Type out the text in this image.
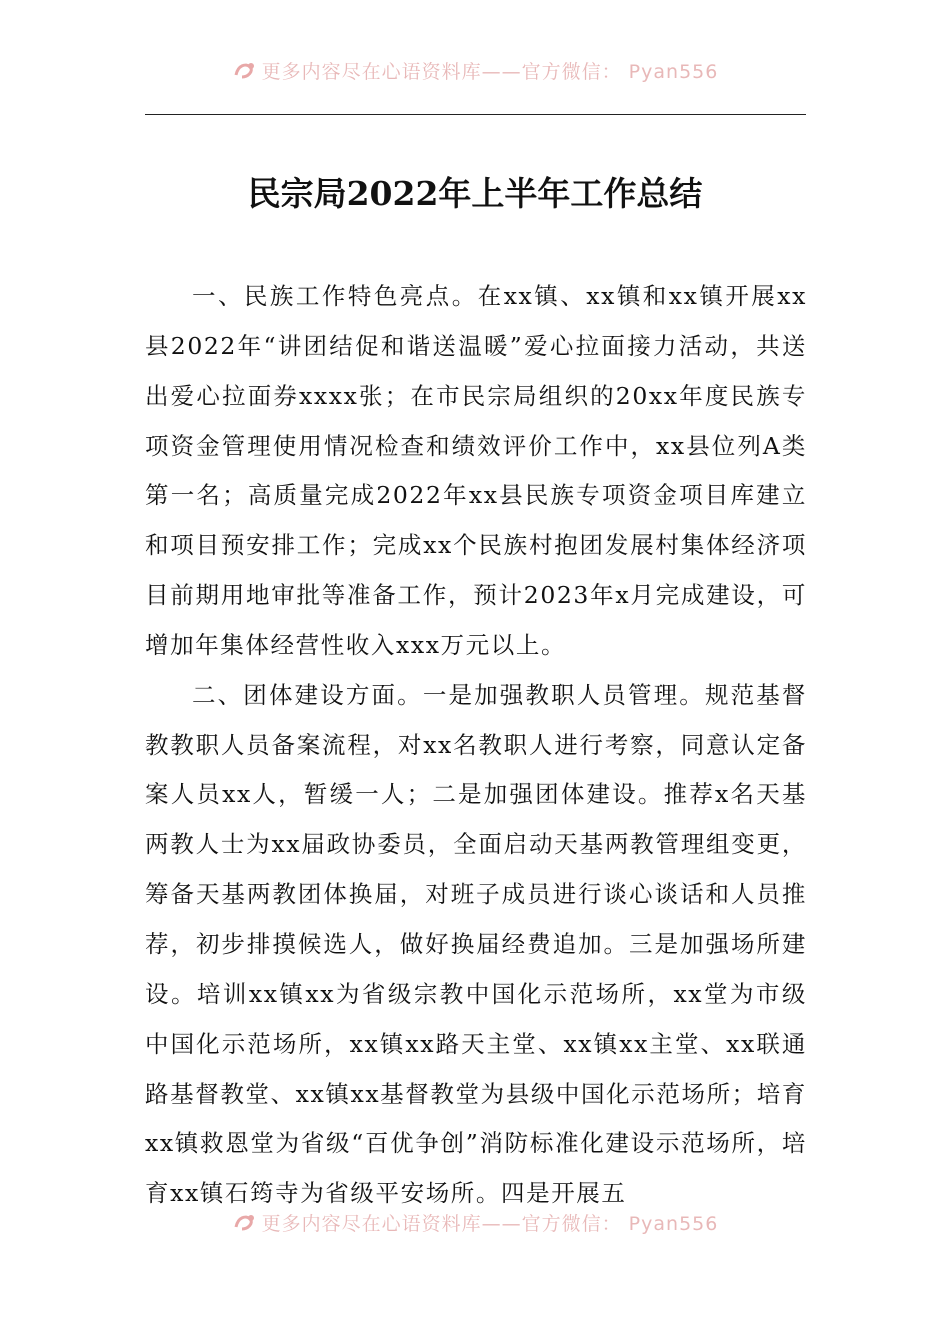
更多内容尽在心语资料库——官方微信： Pyan556
民宗局2022年上半年工作总结

一、民族工作特色亮点。在xx镇、xx镇和xx镇开展xx县2022年“讲团结促和谐送温暖”爱心拉面接力活动，共送出爱心拉面券xxxx张；在市民宗局组织的20xx年度民族专项资金管理使用情况检查和绩效评价工作中，xx县位列A类第一名；高质量完成2022年xx县民族专项资金项目库建立和项目预安排工作；完成xx个民族村抱团发展村集体经济项目前期用地审批等准备工作，预计2023年x月完成建设，可增加年集体经营性收入xxx万元以上。

二、团体建设方面。一是加强教职人员管理。规范基督教教职人员备案流程，对xx名教职人进行考察，同意认定备案人员xx人，暂缓一人；二是加强团体建设。推荐x名天基两教人士为xx届政协委员，全面启动天基两教管理组变更，筹备天基两教团体换届，对班子成员进行谈心谈话和人员推荐，初步排摸候选人，做好换届经费追加。三是加强场所建设。培训xx镇xx为省级宗教中国化示范场所，xx堂为市级中国化示范场所，xx镇xx路天主堂、xx镇xx主堂、xx联通路基督教堂、xx镇xx基督教堂为县级中国化示范场所；培育xx镇救恩堂为省级“百优争创”消防标准化建设示范场所，培育xx镇石筠寺为省级平安场所。四是开展五

更多内容尽在心语资料库——官方微信： Pyan556
